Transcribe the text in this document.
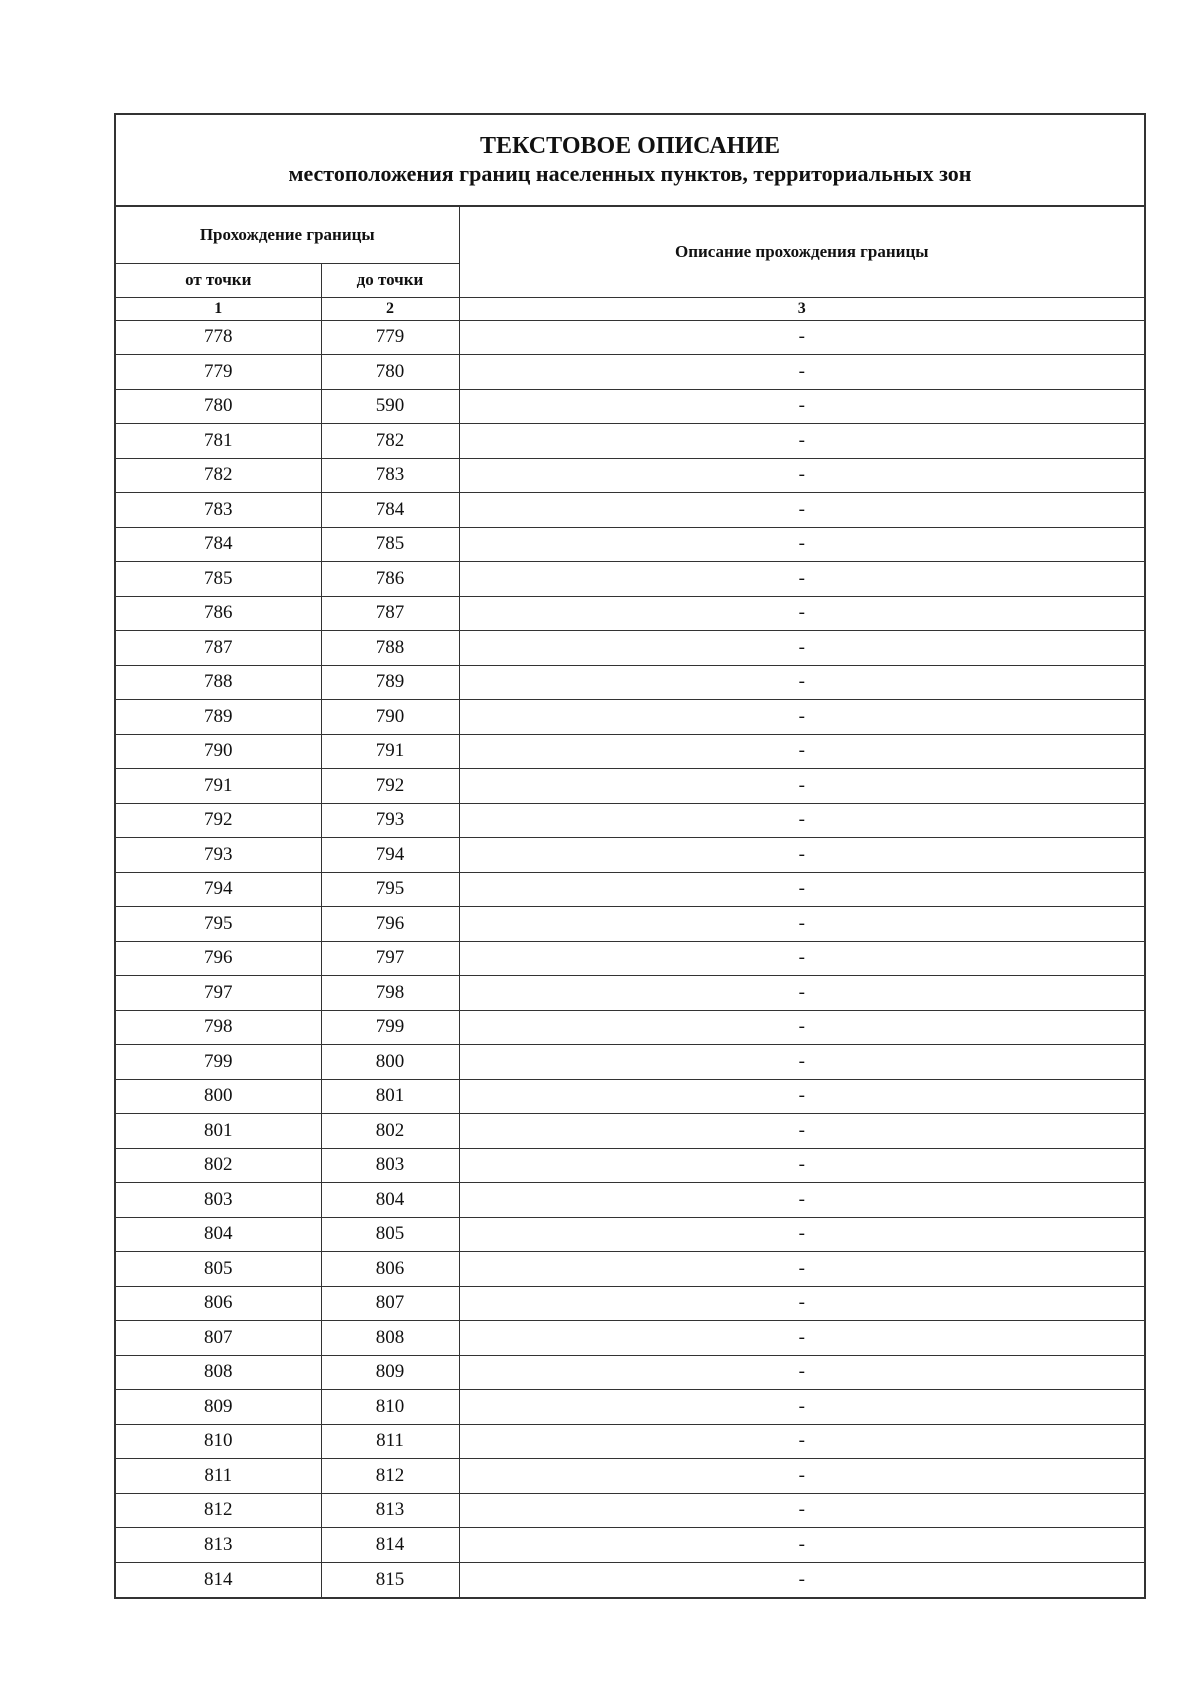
ТЕКСТОВОЕ ОПИСАНИЕ
местоположения границ населенных пунктов, территориальных зон
Прохождение границы		Описание прохождения границы
от точки	до точки	
1	2	3
778	779	-
779	780	-
780	590	-
781	782	-
782	783	-
783	784	-
784	785	-
785	786	-
786	787	-
787	788	-
788	789	-
789	790	-
790	791	-
791	792	-
792	793	-
793	794	-
794	795	-
795	796	-
796	797	-
797	798	-
798	799	-
799	800	-
800	801	-
801	802	-
802	803	-
803	804	-
804	805	-
805	806	-
806	807	-
807	808	-
808	809	-
809	810	-
810	811	-
811	812	-
812	813	-
813	814	-
814	815	-
